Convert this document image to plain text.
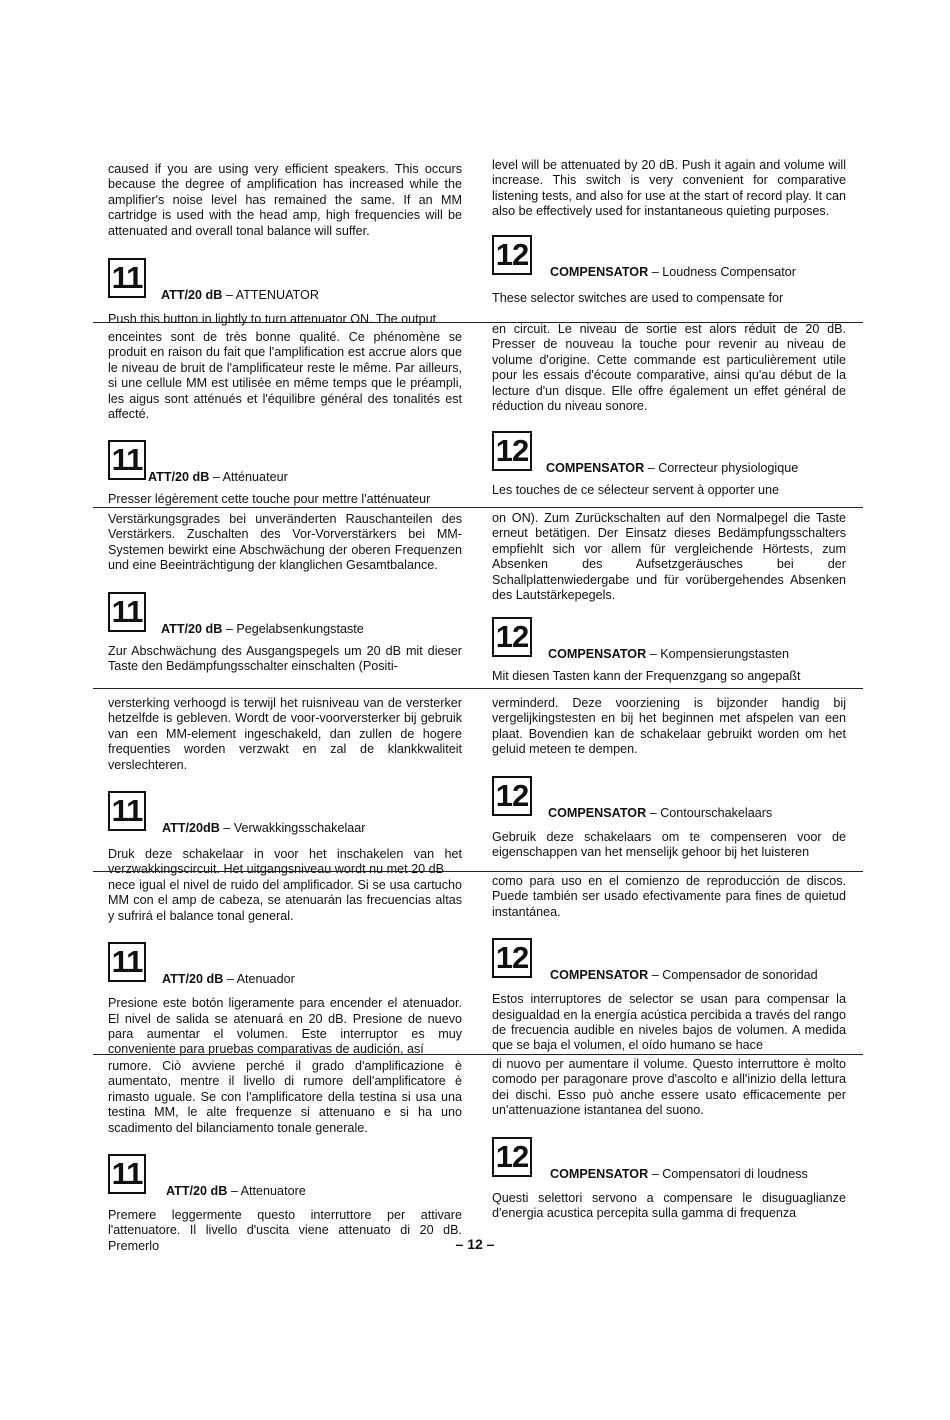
caused if you are using very efficient speakers. This occurs because the degree of amplification has increased while the amplifier's noise level has remained the same. If an MM cartridge is used with the head amp, high frequencies will be attenuated and overall tonal balance will suffer.

11 ATT/20 dB – ATTENUATOR

Push this button in lightly to turn attenuator ON. The output

level will be attenuated by 20 dB. Push it again and volume will increase. This switch is very convenient for comparative listening tests, and also for use at the start of record play. It can also be effectively used for instantaneous quieting purposes.

12 COMPENSATOR – Loudness Compensator

These selector switches are used to compensate for

enceintes sont de très bonne qualité. Ce phénomène se produit en raison du fait que l'amplification est accrue alors que le niveau de bruit de l'amplificateur reste le même. Par ailleurs, si une cellule MM est utilisée en même temps que le préampli, les aigus sont atténués et l'équilibre général des tonalités est affecté.

11 ATT/20 dB – Atténuateur

Presser légèrement cette touche pour mettre l'atténuateur

en circuit. Le niveau de sortie est alors réduit de 20 dB. Presser de nouveau la touche pour revenir au niveau de volume d'origine. Cette commande est particulièrement utile pour les essais d'écoute comparative, ainsi qu'au début de la lecture d'un disque. Elle offre également un effet général de réduction du niveau sonore.

12 COMPENSATOR – Correcteur physiologique

Les touches de ce sélecteur servent à opporter une

Verstärkungsgrades bei unveränderten Rauschanteilen des Verstärkers. Zuschalten des Vor-Vorverstärkers bei MM-Systemen bewirkt eine Abschwächung der oberen Frequenzen und eine Beeinträchtigung der klanglichen Gesamtbalance.

11 ATT/20 dB – Pegelabsenkungstaste

Zur Abschwächung des Ausgangspegels um 20 dB mit dieser Taste den Bedämpfungsschalter einschalten (Positi-

on ON). Zum Zurückschalten auf den Normalpegel die Taste erneut betätigen. Der Einsatz dieses Bedämpfungsschalters empfiehlt sich vor allem für vergleichende Hörtests, zum Absenken des Aufsetzgeräusches bei der Schallplattenwiedergabe und für vorübergehendes Absenken des Lautstärkepegels.

12 COMPENSATOR – Kompensierungstasten

Mit diesen Tasten kann der Frequenzgang so angepaßt

versterking verhoogd is terwijl het ruisniveau van de versterker hetzelfde is gebleven. Wordt de voor-voorversterker bij gebruik van een MM-element ingeschakeld, dan zullen de hogere frequenties worden verzwakt en zal de klankkwaliteit verslechteren.

11 ATT/20dB – Verwakkingsschakelaar

Druk deze schakelaar in voor het inschakelen van het verzwakkingscircuit. Het uitgangsniveau wordt nu met 20 dB

verminderd. Deze voorziening is bijzonder handig bij vergelijkingstesten en bij het beginnen met afspelen van een plaat. Bovendien kan de schakelaar gebruikt worden om het geluid meteen te dempen.

12 COMPENSATOR – Contourschakelaars

Gebruik deze schakelaars om te compenseren voor de eigenschappen van het menselijk gehoor bij het luisteren

nece igual el nivel de ruido del amplificador. Si se usa cartucho MM con el amp de cabeza, se atenuarán las frecuencias altas y sufrirá el balance tonal general.

11 ATT/20 dB – Atenuador

Presione este botón ligeramente para encender el atenuador. El nivel de salida se atenuará en 20 dB. Presione de nuevo para aumentar el volumen. Este interruptor es muy conveniente para pruebas comparativas de audición, así

como para uso en el comienzo de reproducción de discos. Puede también ser usado efectivamente para fines de quietud instantánea.

12 COMPENSATOR – Compensador de sonoridad

Estos interruptores de selector se usan para compensar la desigualdad en la energía acústica percibida a través del rango de frecuencia audible en niveles bajos de volumen. A medida que se baja el volumen, el oído humano se hace

rumore. Ciò avviene perché il grado d'amplificazione è aumentato, mentre il livello di rumore dell'amplificatore è rimasto uguale. Se con l'amplificatore della testina si usa una testina MM, le alte frequenze si attenuano e si ha uno scadimento del bilanciamento tonale generale.

11 ATT/20 dB – Attenuatore

Premere leggermente questo interruttore per attivare l'attenuatore. Il livello d'uscita viene attenuato di 20 dB. Premerlo

di nuovo per aumentare il volume. Questo interruttore è molto comodo per paragonare prove d'ascolto e all'inizio della lettura dei dischi. Esso può anche essere usato efficacemente per un'attenuazione istantanea del suono.

12 COMPENSATOR – Compensatori di loudness

Questi selettori servono a compensare le disuguaglianze d'energia acustica percepita sulla gamma di frequenza

– 12 –
